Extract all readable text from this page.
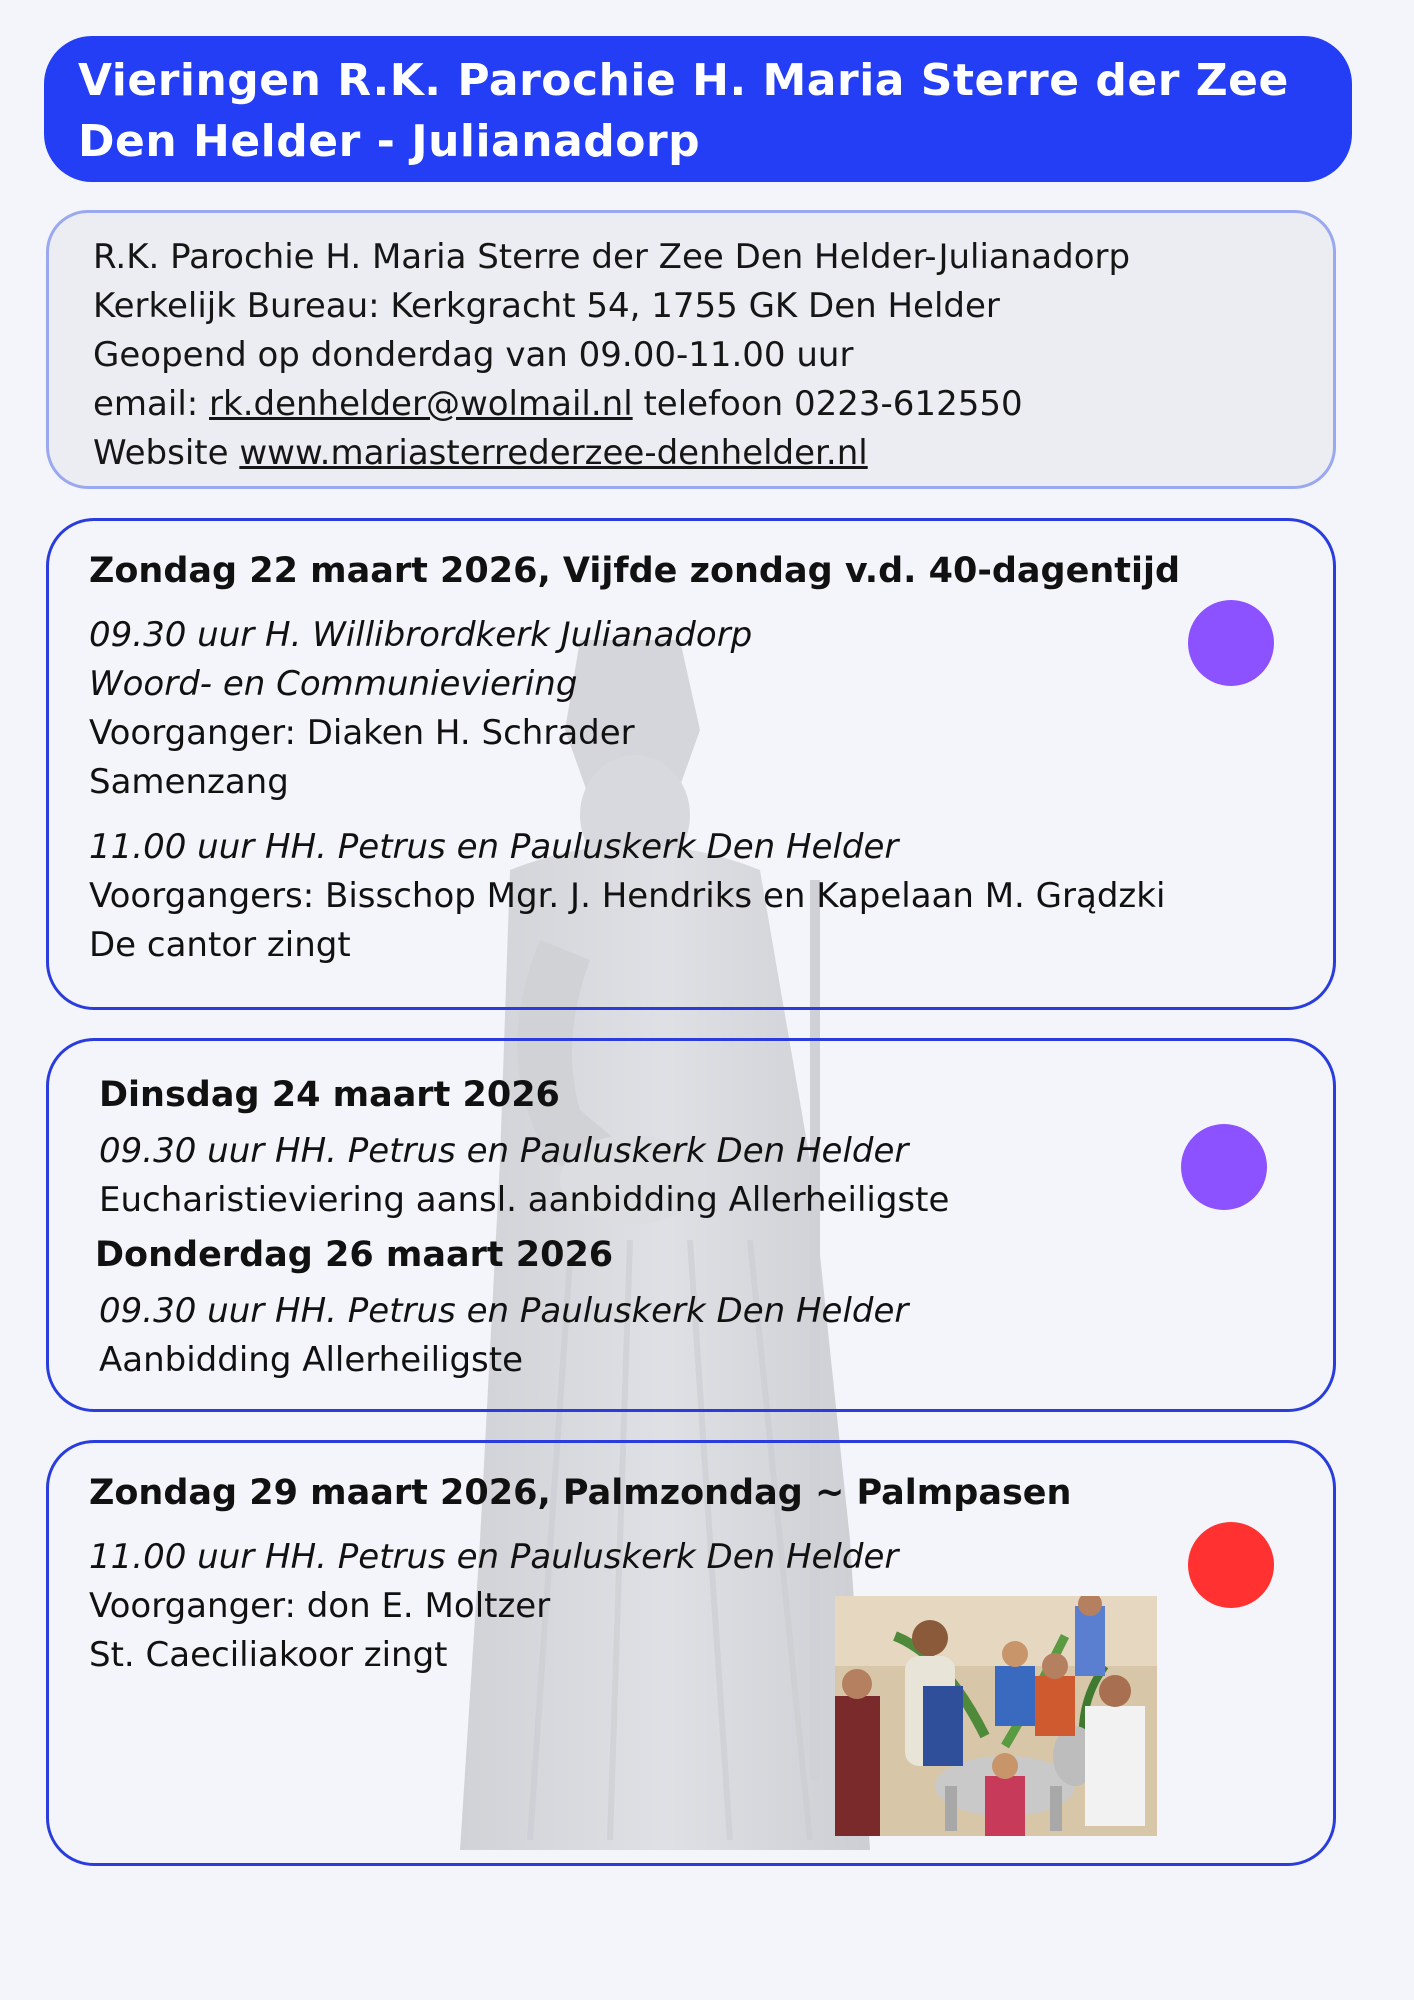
Vieringen R.K. Parochie H. Maria Sterre der Zee
Den Helder - Julianadorp
R.K. Parochie H. Maria Sterre der Zee Den Helder-Julianadorp
Kerkelijk Bureau: Kerkgracht 54, 1755 GK Den Helder
Geopend op donderdag van 09.00-11.00 uur
email: rk.denhelder@wolmail.nl telefoon 0223-612550
Website www.mariasterrederzee-denhelder.nl
Zondag 22 maart 2026, Vijfde zondag v.d. 40-dagentijd
09.30 uur H. Willibrordkerk Julianadorp
Woord- en Communieviering
Voorganger: Diaken H. Schrader
Samenzang
11.00 uur HH. Petrus en Pauluskerk Den Helder
Voorgangers: Bisschop Mgr. J. Hendriks en Kapelaan M. Grądzki
De cantor zingt
Dinsdag 24 maart 2026
09.30 uur HH. Petrus en Pauluskerk Den Helder
Eucharistieviering aansl. aanbidding Allerheiligste
Donderdag 26 maart 2026
09.30 uur HH. Petrus en Pauluskerk Den Helder
Aanbidding Allerheiligste
Zondag 29 maart 2026, Palmzondag ~ Palmpasen
11.00 uur HH. Petrus en Pauluskerk Den Helder
Voorganger: don E. Moltzer
St. Caeciliakoor zingt
